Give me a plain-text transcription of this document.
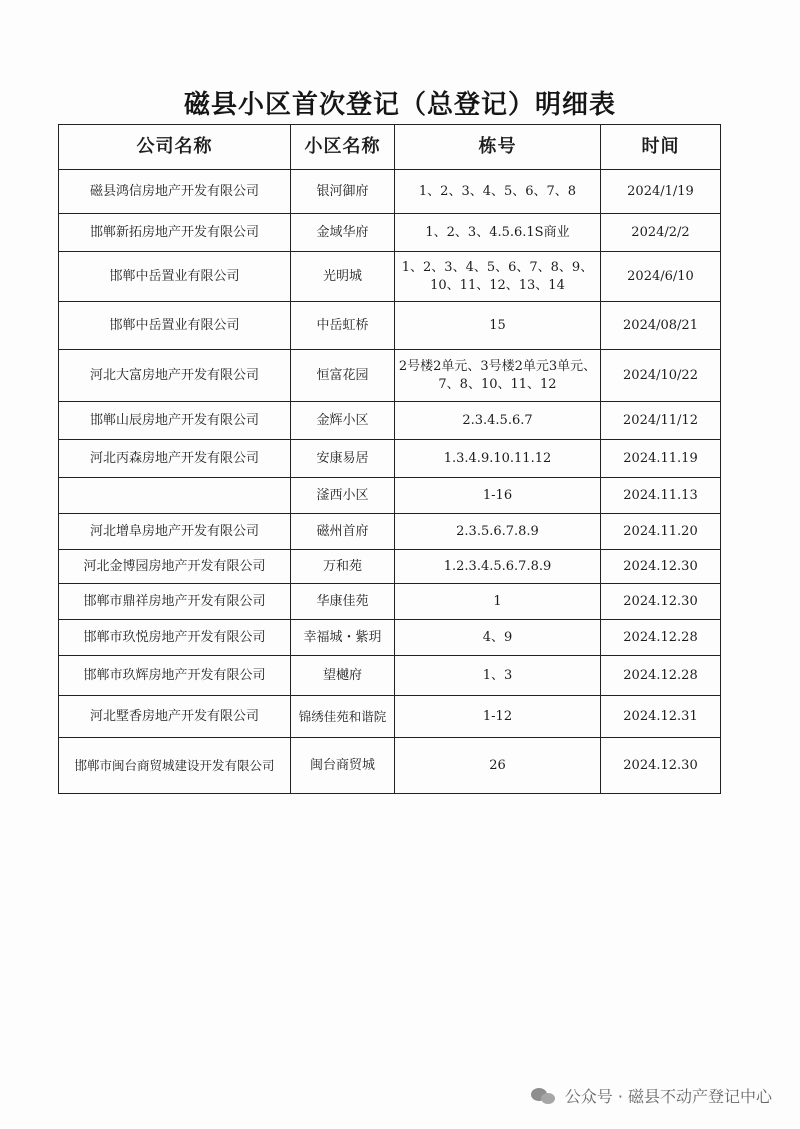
磁县小区首次登记（总登记）明细表
公司名称	小区名称	栋号	时间
磁县鸿信房地产开发有限公司	银河御府	1、2、3、4、5、6、7、8	2024/1/19
邯郸新拓房地产开发有限公司	金域华府	1、2、3、4.5.6.1S商业	2024/2/2
邯郸中岳置业有限公司	光明城	1、2、3、4、5、6、7、8、9、10、11、12、13、14	2024/6/10
邯郸中岳置业有限公司	中岳虹桥	15	2024/08/21
河北大富房地产开发有限公司	恒富花园	2号楼2单元、3号楼2单元3单元、7、8、10、11、12	2024/10/22
邯郸山辰房地产开发有限公司	金辉小区	2.3.4.5.6.7	2024/11/12
河北丙森房地产开发有限公司	安康易居	1.3.4.9.10.11.12	2024.11.19
	滏西小区	1-16	2024.11.13
河北增阜房地产开发有限公司	磁州首府	2.3.5.6.7.8.9	2024.11.20
河北金博园房地产开发有限公司	万和苑	1.2.3.4.5.6.7.8.9	2024.12.30
邯郸市鼎祥房地产开发有限公司	华康佳苑	1	2024.12.30
邯郸市玖悦房地产开发有限公司	幸福城・紫玥	4、9	2024.12.28
邯郸市玖辉房地产开发有限公司	望樾府	1、3	2024.12.28
河北墅香房地产开发有限公司	锦绣佳苑和谐院	1-12	2024.12.31
邯郸市闽台商贸城建设开发有限公司	闽台商贸城	26	2024.12.30
公众号 · 磁县不动产登记中心
